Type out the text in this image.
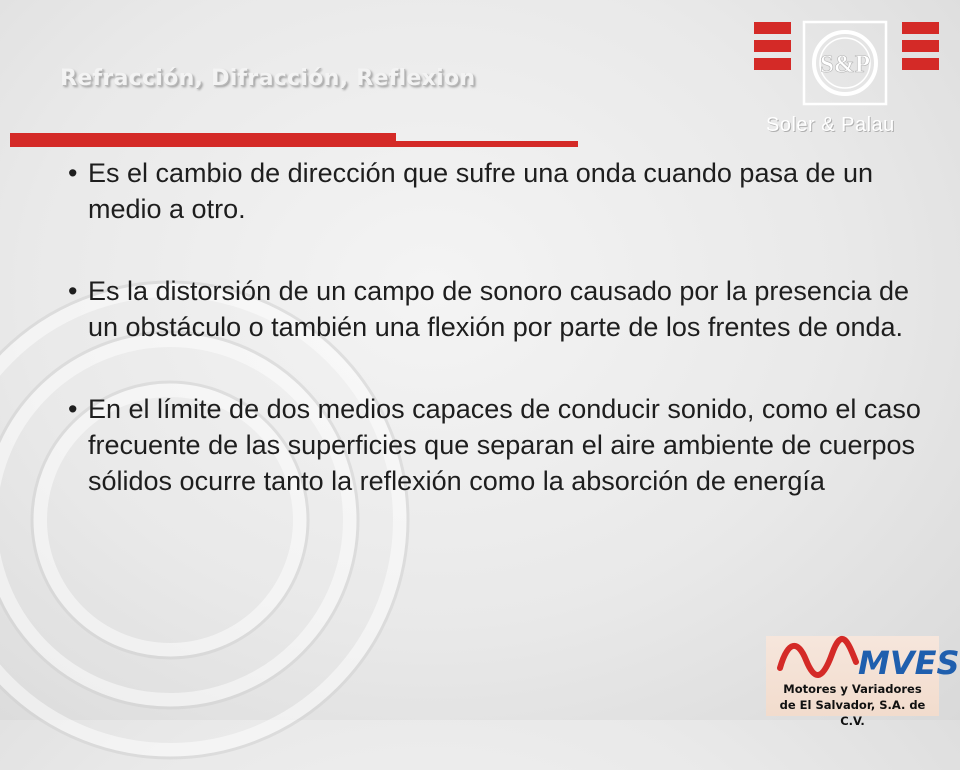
Refracción, Difracción, Reflexion
S&P
Soler & Palau
• Es el cambio de dirección que sufre una onda cuando pasa de un medio a otro.
• Es la distorsión de un campo de sonoro causado por la presencia de un obstáculo o también una flexión por parte de los frentes de onda.
• En el límite de dos medios capaces de conducir sonido, como el caso frecuente de las superficies que separan el aire ambiente de cuerpos sólidos ocurre tanto la reflexión como la absorción de energía
MVES
Motores y Variadores
de El Salvador, S.A. de C.V.
